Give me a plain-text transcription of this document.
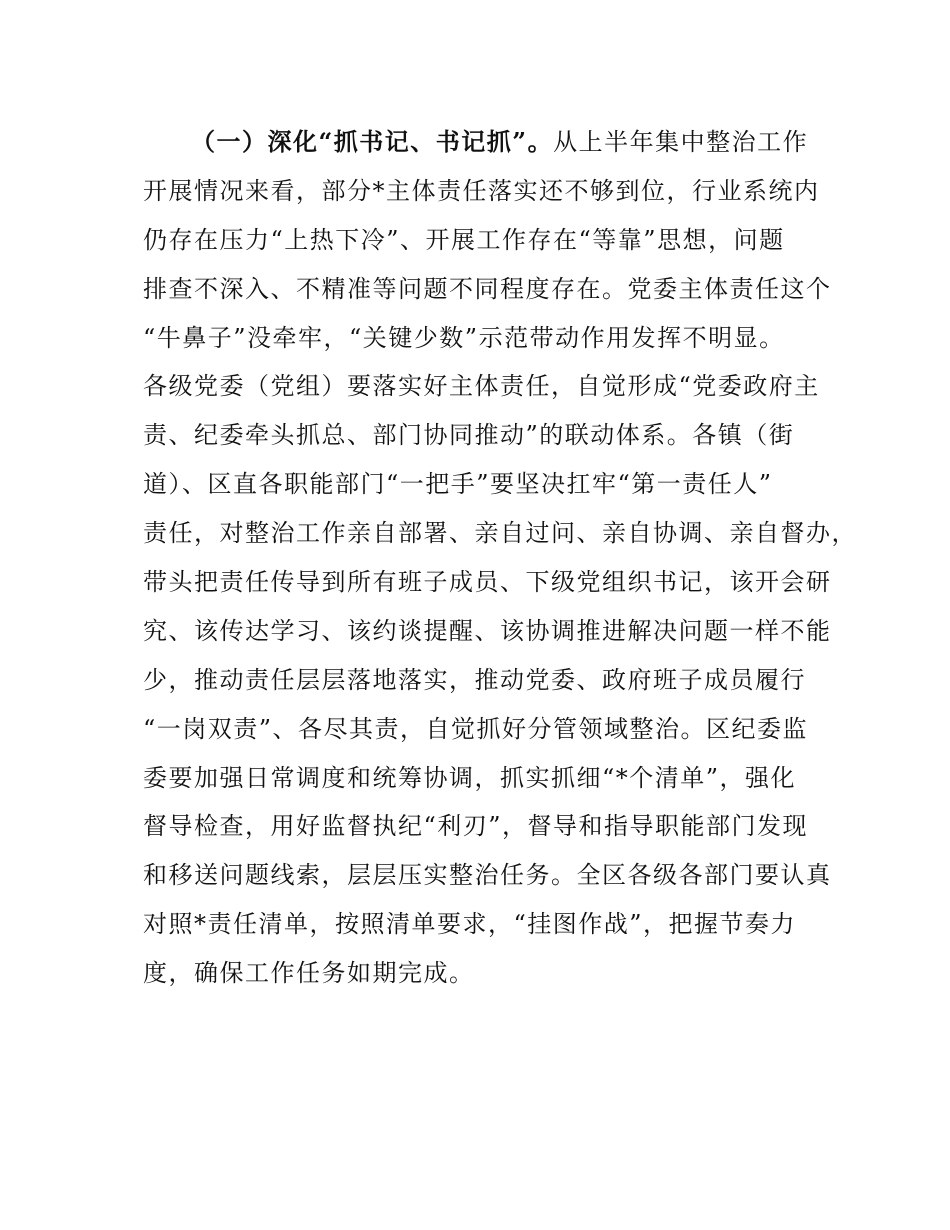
（一）深化“抓书记、书记抓”。从上半年集中整治工作
开展情况来看，部分*主体责任落实还不够到位，行业系统内
仍存在压力“上热下冷”、开展工作存在“等靠”思想，问题
排查不深入、不精准等问题不同程度存在。党委主体责任这个
“牛鼻子”没牵牢，“关键少数”示范带动作用发挥不明显。
各级党委（党组）要落实好主体责任，自觉形成“党委政府主
责、纪委牵头抓总、部门协同推动”的联动体系。各镇（街
道）、区直各职能部门“一把手”要坚决扛牢“第一责任人”
责任，对整治工作亲自部署、亲自过问、亲自协调、亲自督办，
带头把责任传导到所有班子成员、下级党组织书记，该开会研
究、该传达学习、该约谈提醒、该协调推进解决问题一样不能
少，推动责任层层落地落实，推动党委、政府班子成员履行
“一岗双责”、各尽其责，自觉抓好分管领域整治。区纪委监
委要加强日常调度和统筹协调，抓实抓细“*个清单”，强化
督导检查，用好监督执纪“利刃”，督导和指导职能部门发现
和移送问题线索，层层压实整治任务。全区各级各部门要认真
对照*责任清单，按照清单要求，“挂图作战”，把握节奏力
度，确保工作任务如期完成。
